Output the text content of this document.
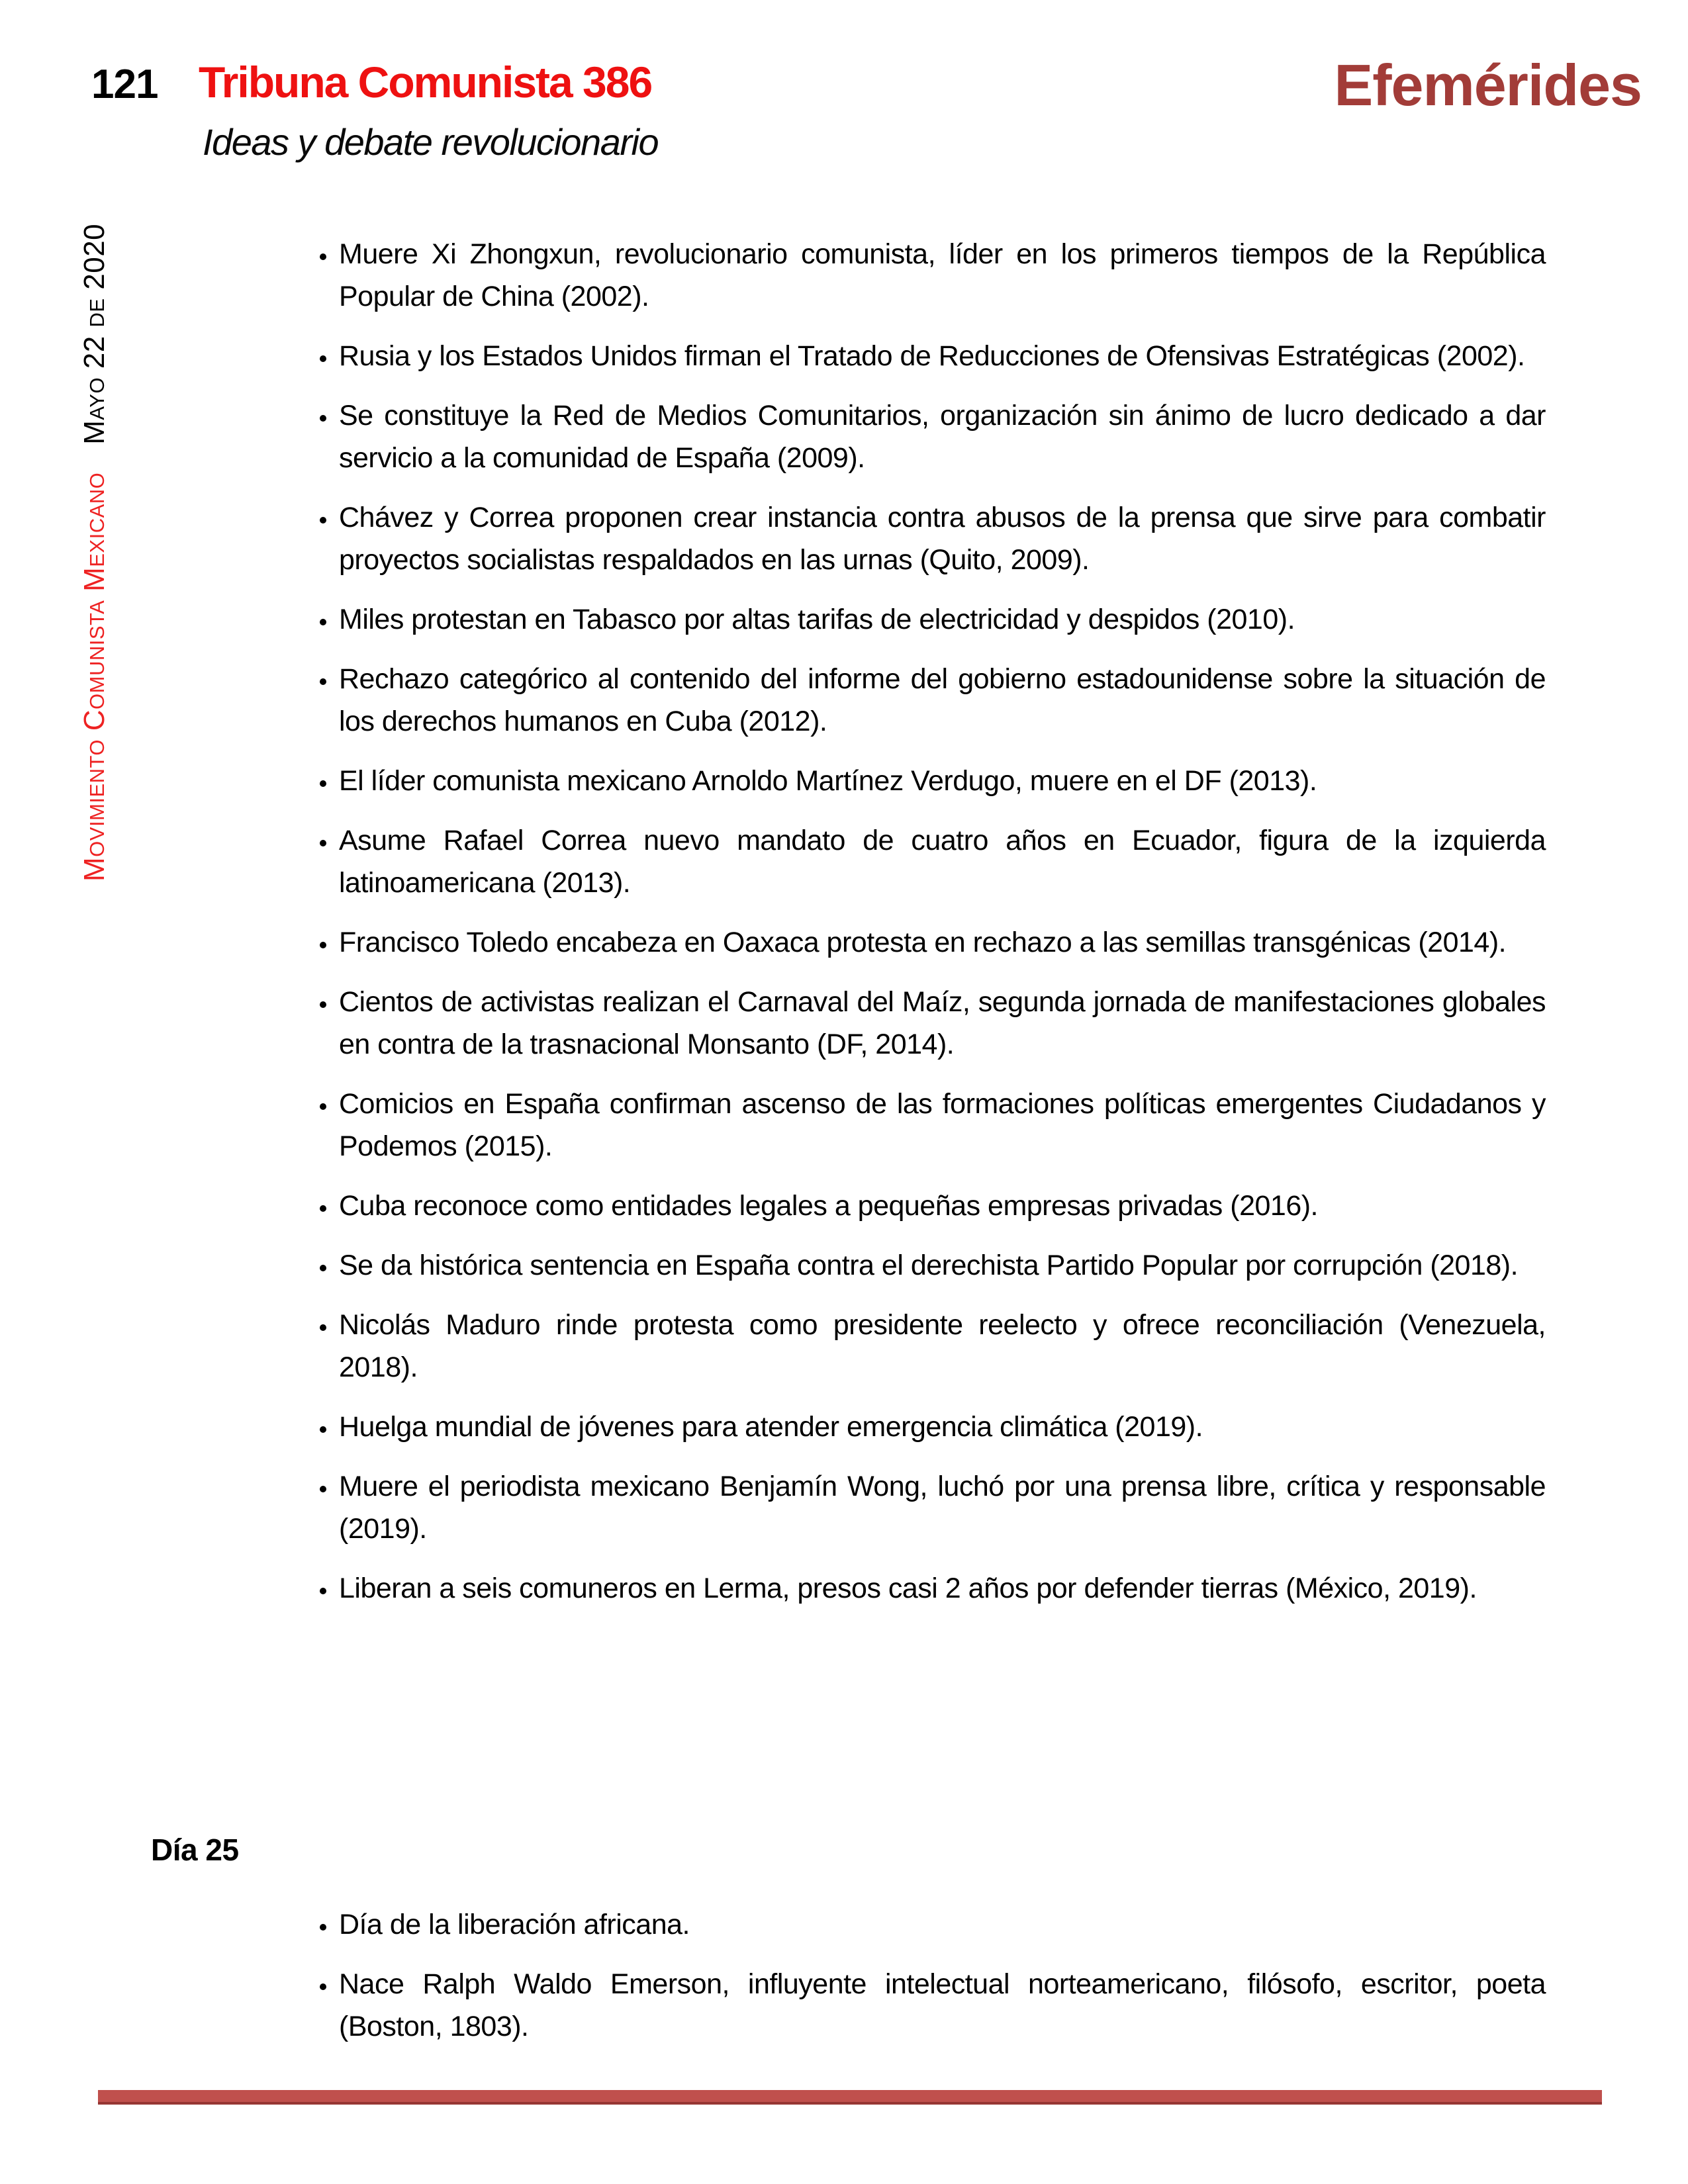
121 Tribuna Comunista 386
Ideas y debate revolucionario
Efemérides
Movimiento Comunista MexicanoMayo 22 de 2020	• Muere Xi Zhongxun, revolucionario comunista, líder en los primeros tiempos de la República Popular de China (2002).
• Rusia y los Estados Unidos firman el Tratado de Reducciones de Ofensivas Estratégicas (2002).
• Se constituye la Red de Medios Comunitarios, organización sin ánimo de lucro dedicado a dar servicio a la comunidad de España (2009).
• Chávez y Correa proponen crear instancia contra abusos de la prensa que sirve para combatir proyectos socialistas respaldados en las urnas (Quito, 2009).
• Miles protestan en Tabasco por altas tarifas de electricidad y despidos (2010).
• Rechazo categórico al contenido del informe del gobierno estadounidense sobre la situación de los derechos humanos en Cuba (2012).
• El líder comunista mexicano Arnoldo Martínez Verdugo, muere en el DF (2013).
• Asume Rafael Correa nuevo mandato de cuatro años en Ecuador, figura de la izquierda latinoamericana (2013).
• Francisco Toledo encabeza en Oaxaca protesta en rechazo a las semillas transgénicas (2014).
• Cientos de activistas realizan el Carnaval del Maíz, segunda jornada de manifestaciones globales en contra de la trasnacional Monsanto (DF, 2014).
• Comicios en España confirman ascenso de las formaciones políticas emergentes Ciudadanos y Podemos (2015).
• Cuba reconoce como entidades legales a pequeñas empresas privadas (2016).
• Se da histórica sentencia en España contra el derechista Partido Popular por corrupción (2018).
• Nicolás Maduro rinde protesta como presidente reelecto y ofrece reconciliación (Venezuela, 2018).
• Huelga mundial de jóvenes para atender emergencia climática (2019).
• Muere el periodista mexicano Benjamín Wong, luchó por una prensa libre, crítica y responsable (2019).
• Liberan a seis comuneros en Lerma, presos casi 2 años por defender tierras (México, 2019).
Día 25
• Día de la liberación africana.
• Nace Ralph Waldo Emerson, influyente intelectual norteamericano, filósofo, escritor, poeta (Boston, 1803).
